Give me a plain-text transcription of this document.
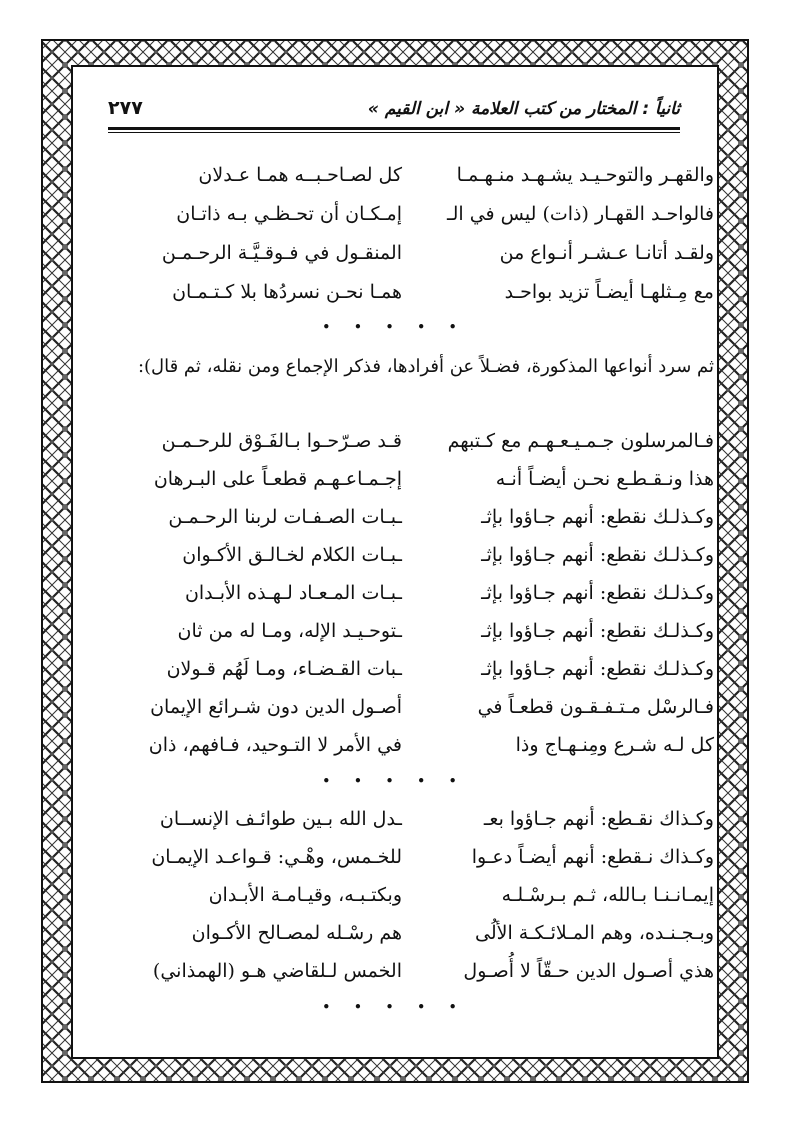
ثانياً : المختار من كتب العلامة « ابن القيم »
٢٧٧
والقهـر والتوحـيـد يشـهـد منـهـمـا
كل لصـاحـبــه همـا عـدلان
فالواحـد القهـار (ذات) ليس في الـ
إمـكـان أن تحـظـي بـه ذاتـان
ولقـد أتانـا عـشـر أنـواع من
المنقـول في فـوقـيَّـة الرحـمـن
مع مِـثلهـا أيضـاً تزيد بواحـد
همـا نحـن نسردُها بلا كـتـمـان
• • • • •
ثم سرد أنواعها المذكورة، فضـلاً عن أفرادها، فذكر الإجماع ومن نقله، ثم قال):
فـالمرسلون جـمـيـعـهـم مع كـتبهم
قـد صـرّحـوا بـالفَـوْق للرحـمـن
هذا ونـقـطـع نحـن أيضـاً أنـه
إجـمـاعـهـم قطعـاً على البـرهان
وكـذلـك نقطع: أنهم جـاؤوا بإثـ
ـبـات الصـفـات لربنا الرحـمـن
وكـذلـك نقطع: أنهم جـاؤوا بإثـ
ـبـات الكلام لخـالـق الأكـوان
وكـذلـك نقطع: أنهم جـاؤوا بإثـ
ـبـات المـعـاد لـهـذه الأبـدان
وكـذلـك نقطع: أنهم جـاؤوا بإثـ
ـتوحـيـد الإله، ومـا له من ثان
وكـذلـك نقطع: أنهم جـاؤوا بإثـ
ـبات القـضـاء، ومـا لَهُم قـولان
فـالرسْل مـتـفـقـون قطعـاً في
أصـول الدين دون شـرائع الإيمان
كل لـه شـرع ومِنـهـاج وذا
في الأمر لا التـوحيد، فـافهم، ذان
• • • • •
وكـذاك نقـطع: أنهم جـاؤوا بعـ
ـدل الله بـين طوائـف الإنســان
وكـذاك نـقطع: أنهم أيضـاً دعـوا
للخـمس، وهْـي: قـواعـد الإيمـان
إيمـانـنـا بـالله، ثـم بـرسْـلـه
وبكتـبـه، وقيـامـة الأبـدان
وبـجـنـده، وهم المـلائـكـة الألُى
هم رسْـله لمصـالح الأكـوان
هذي أصـول الدين حـقّاً لا أُصـول
الخمس لـلقاضي هـو (الهمذاني)
• • • • •
